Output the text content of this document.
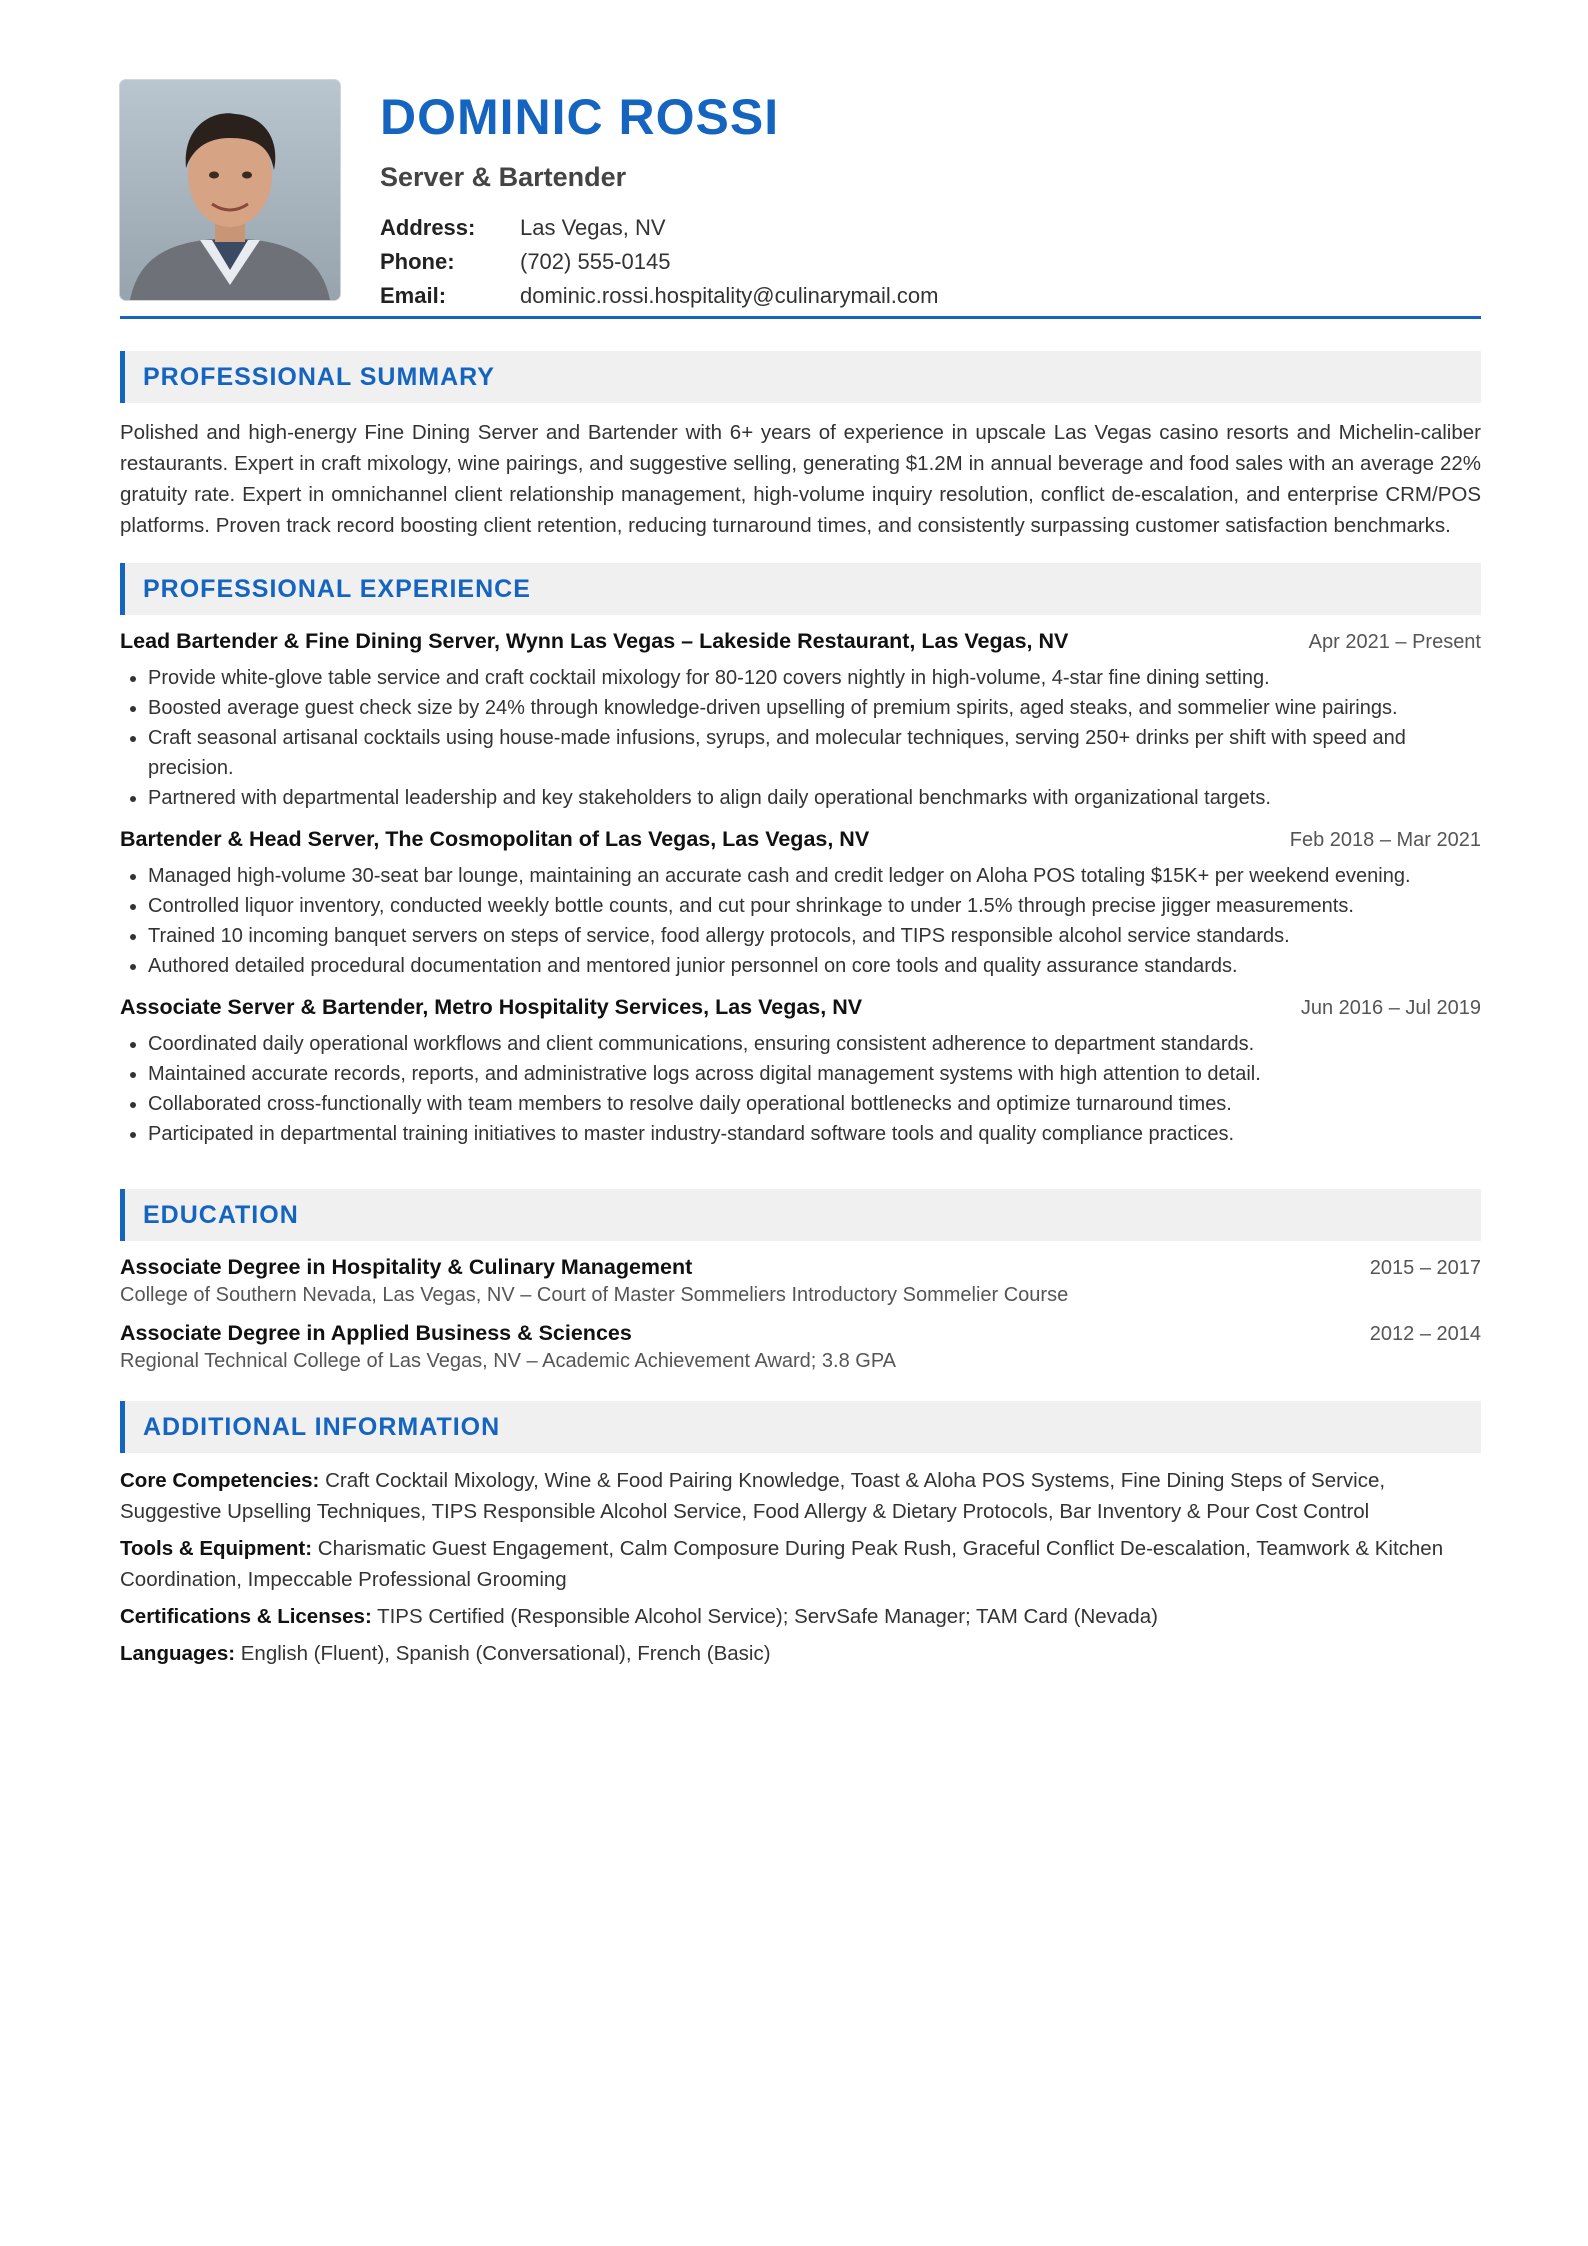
DOMINIC ROSSI
Server & Bartender
Address:	Las Vegas, NV
Phone:	(702) 555-0145
Email:	dominic.rossi.hospitality@culinarymail.com
PROFESSIONAL SUMMARY

Polished and high-energy Fine Dining Server and Bartender with 6+ years of experience in upscale Las Vegas casino resorts and Michelin-caliber restaurants. Expert in craft mixology, wine pairings, and suggestive selling, generating $1.2M in annual beverage and food sales with an average 22% gratuity rate. Expert in omnichannel client relationship management, high-volume inquiry resolution, conflict de-escalation, and enterprise CRM/POS platforms. Proven track record boosting client retention, reducing turnaround times, and consistently surpassing customer satisfaction benchmarks.

PROFESSIONAL EXPERIENCE
Lead Bartender & Fine Dining Server, Wynn Las Vegas – Lakeside Restaurant, Las Vegas, NV	Apr 2021 – Present
• Provide white-glove table service and craft cocktail mixology for 80-120 covers nightly in high-volume, 4-star fine dining setting.
• Boosted average guest check size by 24% through knowledge-driven upselling of premium spirits, aged steaks, and sommelier wine pairings.
• Craft seasonal artisanal cocktails using house-made infusions, syrups, and molecular techniques, serving 250+ drinks per shift with speed and precision.
• Partnered with departmental leadership and key stakeholders to align daily operational benchmarks with organizational targets.
Bartender & Head Server, The Cosmopolitan of Las Vegas, Las Vegas, NV	Feb 2018 – Mar 2021
• Managed high-volume 30-seat bar lounge, maintaining an accurate cash and credit ledger on Aloha POS totaling $15K+ per weekend evening.
• Controlled liquor inventory, conducted weekly bottle counts, and cut pour shrinkage to under 1.5% through precise jigger measurements.
• Trained 10 incoming banquet servers on steps of service, food allergy protocols, and TIPS responsible alcohol service standards.
• Authored detailed procedural documentation and mentored junior personnel on core tools and quality assurance standards.
Associate Server & Bartender, Metro Hospitality Services, Las Vegas, NV	Jun 2016 – Jul 2019
• Coordinated daily operational workflows and client communications, ensuring consistent adherence to department standards.
• Maintained accurate records, reports, and administrative logs across digital management systems with high attention to detail.
• Collaborated cross-functionally with team members to resolve daily operational bottlenecks and optimize turnaround times.
• Participated in departmental training initiatives to master industry-standard software tools and quality compliance practices.
EDUCATION
Associate Degree in Hospitality & Culinary Management	2015 – 2017
College of Southern Nevada, Las Vegas, NV – Court of Master Sommeliers Introductory Sommelier Course
Associate Degree in Applied Business & Sciences	2012 – 2014
Regional Technical College of Las Vegas, NV – Academic Achievement Award; 3.8 GPA
ADDITIONAL INFORMATION
Core Competencies: Craft Cocktail Mixology, Wine & Food Pairing Knowledge, Toast & Aloha POS Systems, Fine Dining Steps of Service, Suggestive Upselling Techniques, TIPS Responsible Alcohol Service, Food Allergy & Dietary Protocols, Bar Inventory & Pour Cost Control
Tools & Equipment: Charismatic Guest Engagement, Calm Composure During Peak Rush, Graceful Conflict De-escalation, Teamwork & Kitchen Coordination, Impeccable Professional Grooming
Certifications & Licenses: TIPS Certified (Responsible Alcohol Service); ServSafe Manager; TAM Card (Nevada)
Languages: English (Fluent), Spanish (Conversational), French (Basic)
